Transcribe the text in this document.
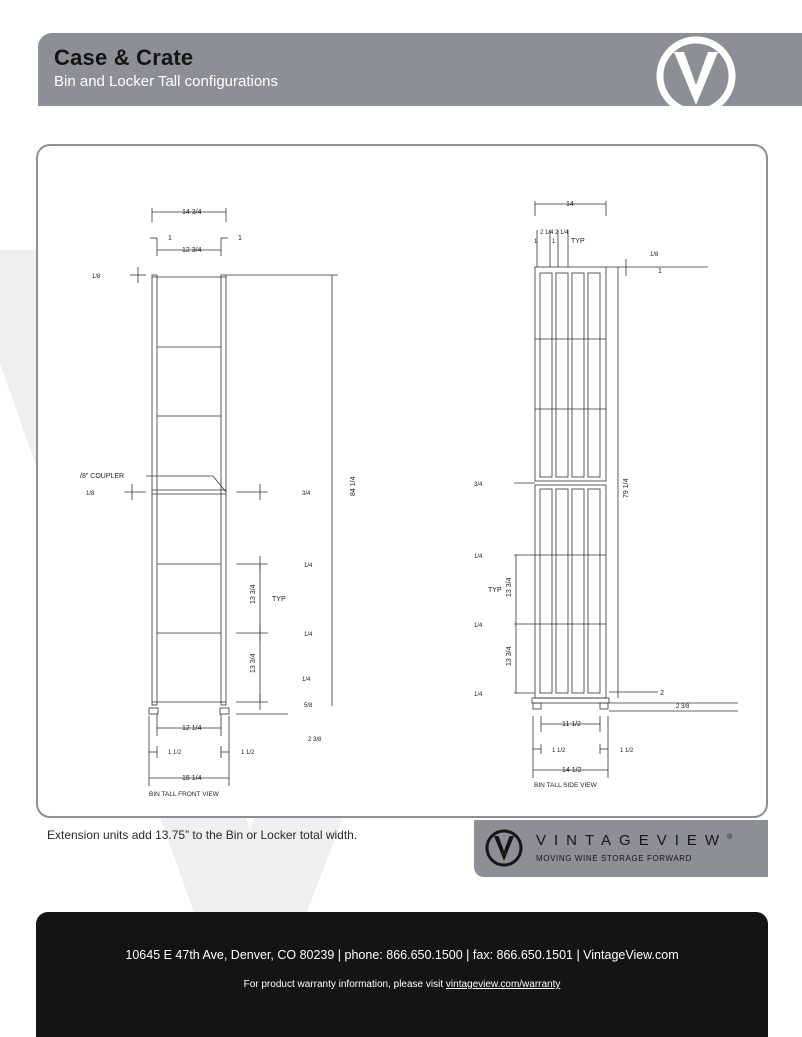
Case & Crate
Bin and Locker Tall configurations
14 3/4
12 3/4
1	1
1/8
/8" COUPLER
1/8	3/4	84 1/4
1/4
13 3/4 TYP
1/4
13 3/4
1/4
5/8
2 3/8
12 1/4
1 1/2	1 1/2
15 1/4
BIN TALL FRONT VIEW
14
2 1/4 2 1/4
1 1 TYP
1/8
1
79 1/4
3/4
1/4
TYP 13 3/4
1/4
13 3/4
1/4	2
2 3/8
11 1/2
1 1/2	1 1/2
14 1/2
BIN TALL SIDE VIEW
Extension units add 13.75” to the Bin or Locker total width.	VINTAGEVIEW®
MOVING WINE STORAGE FORWARD
10645 E 47th Ave, Denver, CO 80239 | phone: 866.650.1500 | fax: 866.650.1501 | VintageView.com
For product warranty information, please visit vintageview.com/warranty
